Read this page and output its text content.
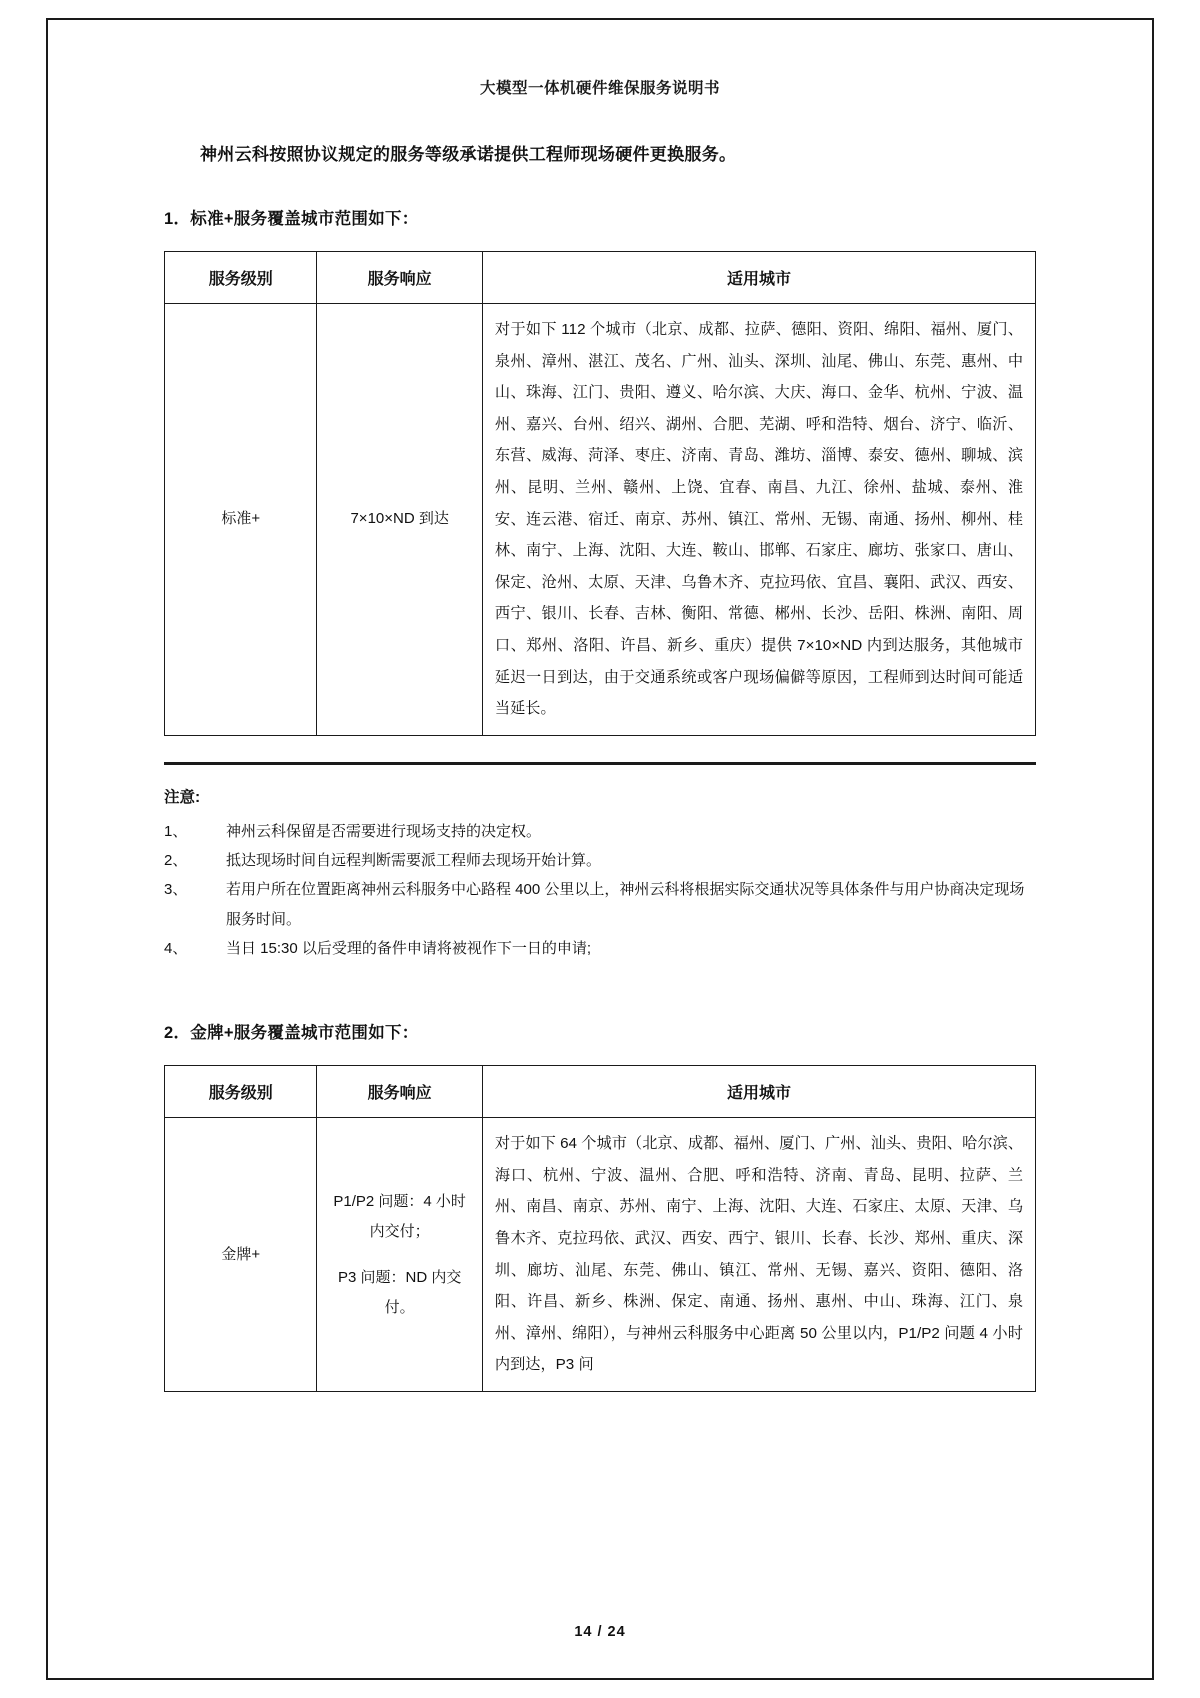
大模型一体机硬件维保服务说明书

神州云科按照协议规定的服务等级承诺提供工程师现场硬件更换服务。

1．标准+服务覆盖城市范围如下：
服务级别	服务响应	适用城市
标准+	7×10×ND 到达	对于如下 112 个城市（北京、成都、拉萨、德阳、资阳、绵阳、福州、厦门、泉州、漳州、湛江、茂名、广州、汕头、深圳、汕尾、佛山、东莞、惠州、中山、珠海、江门、贵阳、遵义、哈尔滨、大庆、海口、金华、杭州、宁波、温州、嘉兴、台州、绍兴、湖州、合肥、芜湖、呼和浩特、烟台、济宁、临沂、东营、威海、菏泽、枣庄、济南、青岛、潍坊、淄博、泰安、德州、聊城、滨州、昆明、兰州、赣州、上饶、宜春、南昌、九江、徐州、盐城、泰州、淮安、连云港、宿迁、南京、苏州、镇江、常州、无锡、南通、扬州、柳州、桂林、南宁、上海、沈阳、大连、鞍山、邯郸、石家庄、廊坊、张家口、唐山、保定、沧州、太原、天津、乌鲁木齐、克拉玛依、宜昌、襄阳、武汉、西安、西宁、银川、长春、吉林、衡阳、常德、郴州、长沙、岳阳、株洲、南阳、周口、郑州、洛阳、许昌、新乡、重庆）提供 7×10×ND 内到达服务，其他城市延迟一日到达，由于交通系统或客户现场偏僻等原因，工程师到达时间可能适当延长。
注意:
1、	神州云科保留是否需要进行现场支持的决定权。
2、	抵达现场时间自远程判断需要派工程师去现场开始计算。
3、	若用户所在位置距离神州云科服务中心路程 400 公里以上，神州云科将根据实际交通状况等具体条件与用户协商决定现场服务时间。
4、	当日 15:30 以后受理的备件申请将被视作下一日的申请;
2．金牌+服务覆盖城市范围如下：
服务级别	服务响应	适用城市
金牌+	P1/P2 问题：4 小时内交付；

P3 问题：ND 内交付。	对于如下 64 个城市（北京、成都、福州、厦门、广州、汕头、贵阳、哈尔滨、海口、杭州、宁波、温州、合肥、呼和浩特、济南、青岛、昆明、拉萨、兰州、南昌、南京、苏州、南宁、上海、沈阳、大连、石家庄、太原、天津、乌鲁木齐、克拉玛依、武汉、西安、西宁、银川、长春、长沙、郑州、重庆、深圳、廊坊、汕尾、东莞、佛山、镇江、常州、无锡、嘉兴、资阳、德阳、洛阳、许昌、新乡、株洲、保定、南通、扬州、惠州、中山、珠海、江门、泉州、漳州、绵阳），与神州云科服务中心距离 50 公里以内，P1/P2 问题 4 小时内到达，P3 问
14 / 24
